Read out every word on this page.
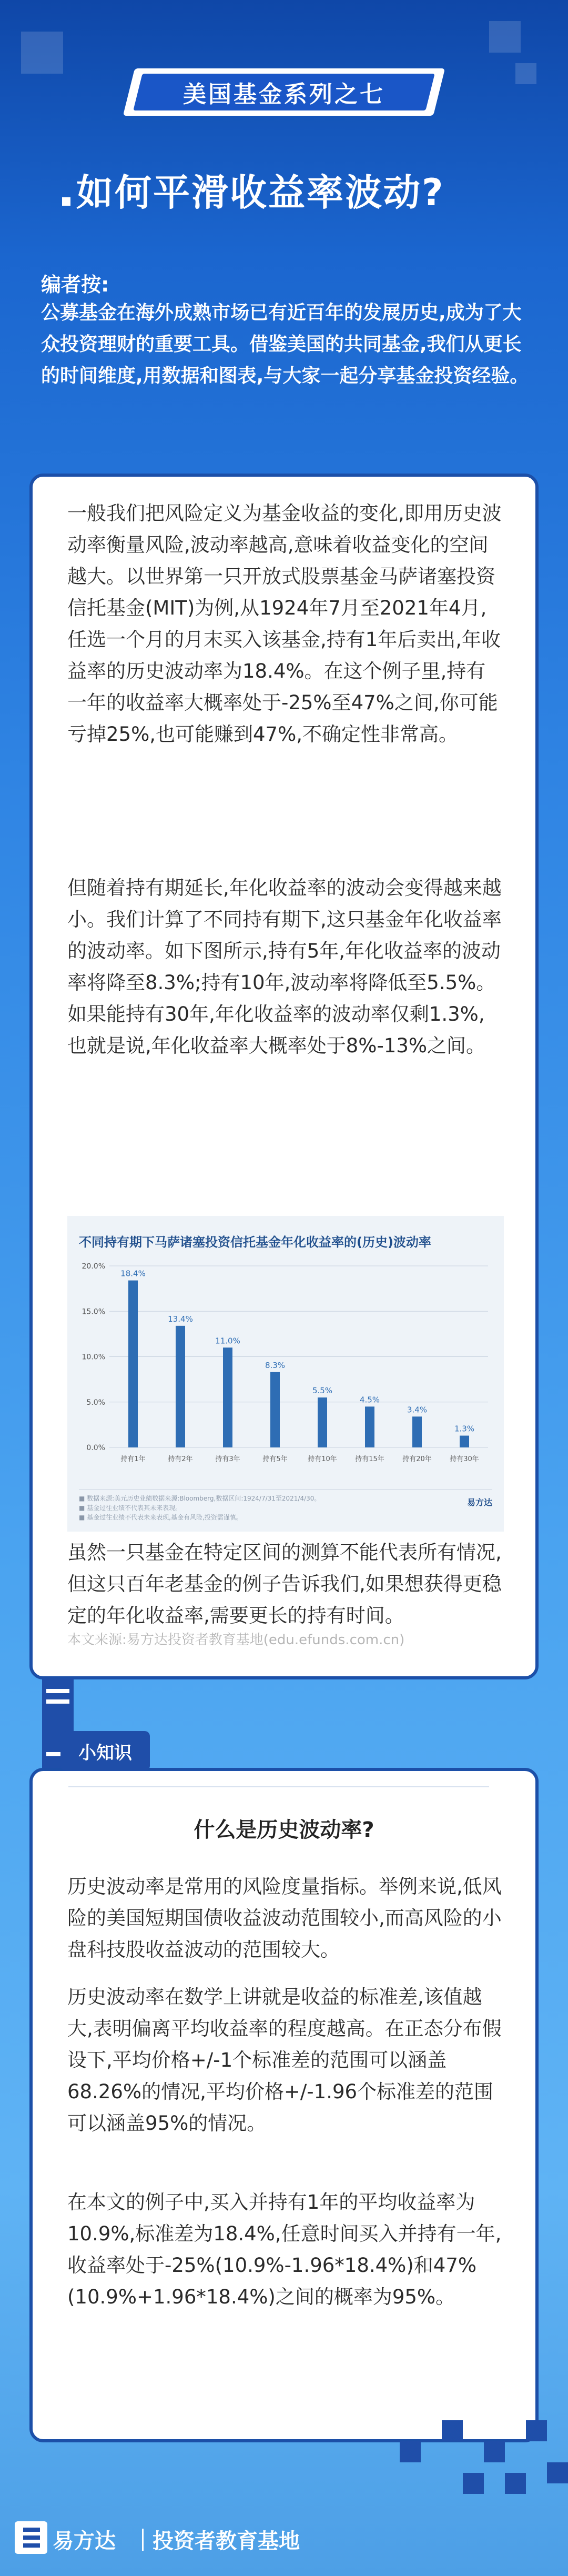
美国基金系列之七
如何平滑收益率波动?
编者按:
公募基金在海外成熟市场已有近百年的发展历史,成为了大众投资理财的重要工具。借鉴美国的共同基金,我们从更长的时间维度,用数据和图表,与大家一起分享基金投资经验。
一般我们把风险定义为基金收益的变化,即用历史波动率衡量风险,波动率越高,意味着收益变化的空间越大。以世界第一只开放式股票基金马萨诸塞投资信托基金(MIT)为例,从1924年7月至2021年4月,任选一个月的月末买入该基金,持有1年后卖出,年收益率的历史波动率为18.4%。在这个例子里,持有一年的收益率大概率处于-25%至47%之间,你可能亏掉25%,也可能赚到47%,不确定性非常高。
但随着持有期延长,年化收益率的波动会变得越来越小。我们计算了不同持有期下,这只基金年化收益率的波动率。如下图所示,持有5年,年化收益率的波动率将降至8.3%;持有10年,波动率将降低至5.5%。如果能持有30年,年化收益率的波动率仅剩1.3%,也就是说,年化收益率大概率处于8%-13%之间。
不同持有期下马萨诸塞投资信托基金年化收益率的(历史)波动率
20.0%
15.0%
10.0%
5.0%
0.0%
18.4%
持有1年
13.4%
持有2年
11.0%
持有3年
8.3%
持有5年
5.5%
持有10年
4.5%
持有15年
3.4%
持有20年
1.3%
持有30年
■ 数据来源:美元历史业绩数据来源:Bloomberg,数据区间:1924/7/31至2021/4/30。
■ 基金过往业绩不代表其未来表现。
■ 基金过往业绩不代表未来表现,基金有风险,投资需谨慎。
易方达
虽然一只基金在特定区间的测算不能代表所有情况,但这只百年老基金的例子告诉我们,如果想获得更稳定的年化收益率,需要更长的持有时间。
本文来源:易方达投资者教育基地(edu.efunds.com.cn)
什么是历史波动率?
历史波动率是常用的风险度量指标。举例来说,低风险的美国短期国债收益波动范围较小,而高风险的小盘科技股收益波动的范围较大。
历史波动率在数学上讲就是收益的标准差,该值越大,表明偏离平均收益率的程度越高。在正态分布假设下,平均价格+/-1个标准差的范围可以涵盖68.26%的情况,平均价格+/-1.96个标准差的范围可以涵盖95%的情况。
在本文的例子中,买入并持有1年的平均收益率为10.9%,标准差为18.4%,任意时间买入并持有一年,收益率处于-25%(10.9%-1.96*18.4%)和47%(10.9%+1.96*18.4%)之间的概率为95%。
小知识
易方达 投资者教育基地
